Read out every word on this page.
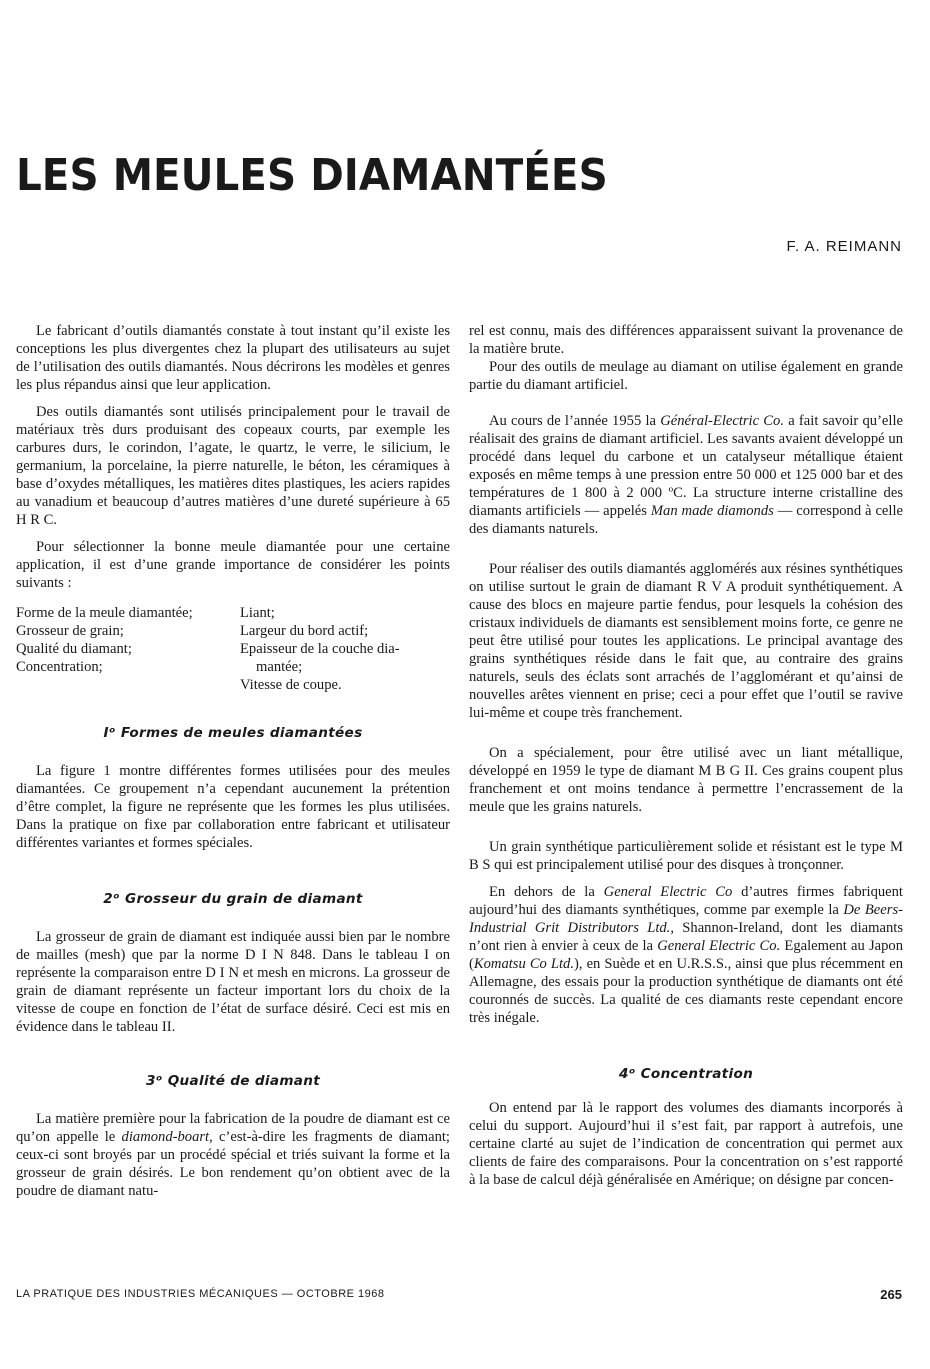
LES MEULES DIAMANTÉES
F. A. REIMANN

Le fabricant d’outils diamantés constate à tout instant qu’il existe les conceptions les plus divergentes chez la plupart des utilisateurs au sujet de l’utilisation des outils diamantés. Nous décrirons les modèles et genres les plus répandus ainsi que leur application.

Des outils diamantés sont utilisés principalement pour le travail de matériaux très durs produisant des copeaux courts, par exemple les carbures durs, le corindon, l’agate, le quartz, le verre, le silicium, le germanium, la porcelaine, la pierre naturelle, le béton, les céramiques à base d’oxydes métalliques, les matières dites plastiques, les aciers rapides au vanadium et beaucoup d’autres matières d’une dureté supérieure à 65 H R C.

Pour sélectionner la bonne meule diamantée pour une certaine application, il est d’une grande importance de considérer les points suivants :

Forme de la meule diamantée;
Grosseur de grain;
Qualité du diamant;
Concentration;
Liant;
Largeur du bord actif;
Epaisseur de la couche dia-
mantée;
Vitesse de coupe.
Iᵒ Formes de meules diamantées

La figure 1 montre différentes formes utilisées pour des meules diamantées. Ce groupement n’a cependant aucunement la prétention d’être complet, la figure ne représente que les formes les plus utilisées. Dans la pratique on fixe par collaboration entre fabricant et utilisateur différentes variantes et formes spéciales.

2ᵒ Grosseur du grain de diamant

La grosseur de grain de diamant est indiquée aussi bien par le nombre de mailles (mesh) que par la norme D I N 848. Dans le tableau I on représente la comparaison entre D I N et mesh en microns. La grosseur de grain de diamant représente un facteur important lors du choix de la vitesse de coupe en fonction de l’état de surface désiré. Ceci est mis en évidence dans le tableau II.

3ᵒ Qualité de diamant

La matière première pour la fabrication de la poudre de diamant est ce qu’on appelle le diamond-boart, c’est-à-dire les fragments de diamant; ceux-ci sont broyés par un procédé spécial et triés suivant la forme et la grosseur de grain désirés. Le bon rendement qu’on obtient avec de la poudre de diamant natu-

rel est connu, mais des différences apparaissent suivant la provenance de la matière brute.

Pour des outils de meulage au diamant on utilise également en grande partie du diamant artificiel.

Au cours de l’année 1955 la Général-Electric Co. a fait savoir qu’elle réalisait des grains de diamant artificiel. Les savants avaient développé un procédé dans lequel du carbone et un catalyseur métallique étaient exposés en même temps à une pression entre 50 000 et 125 000 bar et des températures de 1 800 à 2 000 ºC. La structure interne cristalline des diamants artificiels — appelés Man made diamonds — correspond à celle des diamants naturels.

Pour réaliser des outils diamantés agglomérés aux résines synthétiques on utilise surtout le grain de diamant R V A produit synthétiquement. A cause des blocs en majeure partie fendus, pour lesquels la cohésion des cristaux individuels de diamants est sensiblement moins forte, ce genre ne peut être utilisé pour toutes les applications. Le principal avantage des grains synthétiques réside dans le fait que, au contraire des grains naturels, seuls des éclats sont arrachés de l’agglomérant et qu’ainsi de nouvelles arêtes viennent en prise; ceci a pour effet que l’outil se ravive lui-même et coupe très franchement.

On a spécialement, pour être utilisé avec un liant métallique, développé en 1959 le type de diamant M B G II. Ces grains coupent plus franchement et ont moins tendance à permettre l’encrassement de la meule que les grains naturels.

Un grain synthétique particulièrement solide et résistant est le type M B S qui est principalement utilisé pour des disques à tronçonner.

En dehors de la General Electric Co d’autres firmes fabriquent aujourd’hui des diamants synthétiques, comme par exemple la De Beers-Industrial Grit Distributors Ltd., Shannon-Ireland, dont les diamants n’ont rien à envier à ceux de la General Electric Co. Egalement au Japon (Komatsu Co Ltd.), en Suède et en U.R.S.S., ainsi que plus récemment en Allemagne, des essais pour la production synthétique de diamants ont été couronnés de succès. La qualité de ces diamants reste cependant encore très inégale.

4ᵒ Concentration

On entend par là le rapport des volumes des diamants incorporés à celui du support. Aujourd’hui il s’est fait, par rapport à autrefois, une certaine clarté au sujet de l’indication de concentration qui permet aux clients de faire des comparaisons. Pour la concentration on s’est rapporté à la base de calcul déjà généralisée en Amérique; on désigne par concen-

LA PRATIQUE DES INDUSTRIES MÉCANIQUES — OCTOBRE 1968	265
